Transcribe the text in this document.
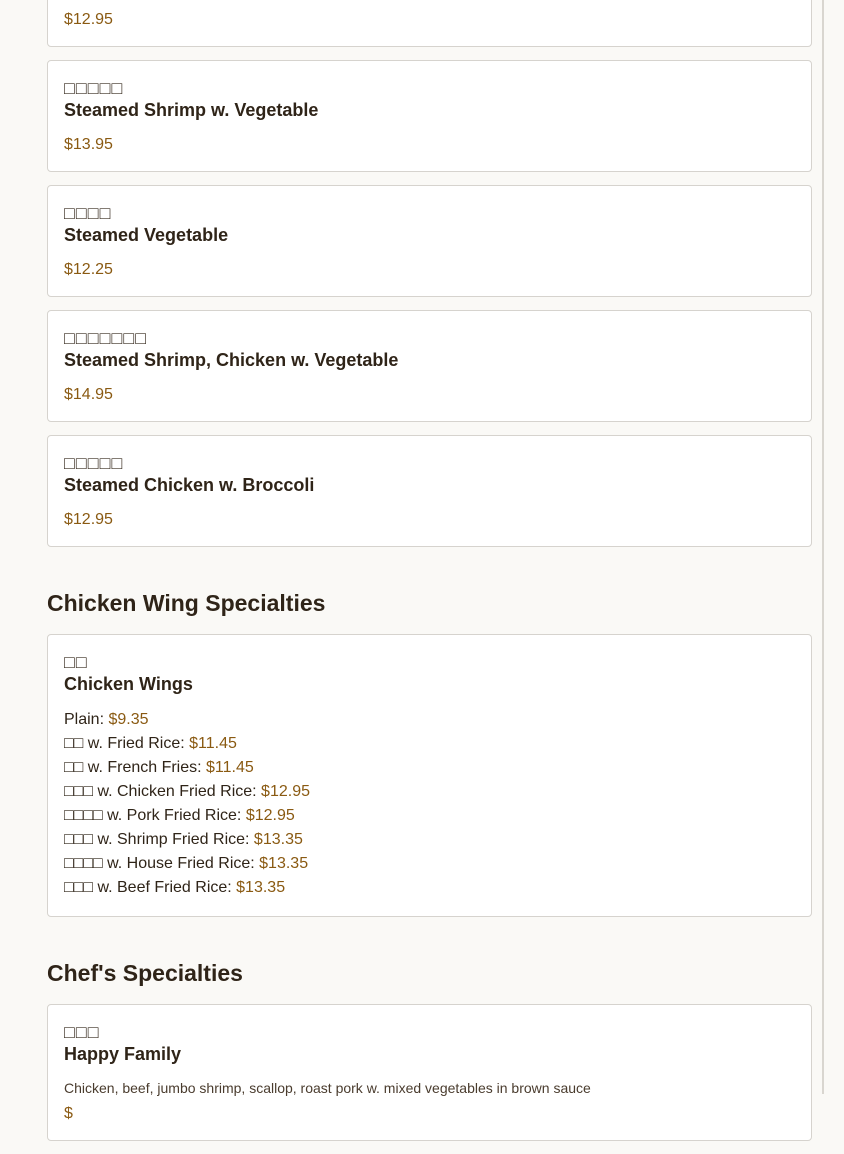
$12.95
□□□□□
Steamed Shrimp w. Vegetable
$13.95
□□□□
Steamed Vegetable
$12.25
□□□□□□□
Steamed Shrimp, Chicken w. Vegetable
$14.95
□□□□□
Steamed Chicken w. Broccoli
$12.95
Chicken Wing Specialties
□□
Chicken Wings
Plain: $9.35
□□ w. Fried Rice: $11.45
□□ w. French Fries: $11.45
□□□ w. Chicken Fried Rice: $12.95
□□□□ w. Pork Fried Rice: $12.95
□□□ w. Shrimp Fried Rice: $13.35
□□□□ w. House Fried Rice: $13.35
□□□ w. Beef Fried Rice: $13.35
Chef's Specialties
□□□
Happy Family
Chicken, beef, jumbo shrimp, scallop, roast pork w. mixed vegetables in brown sauce
$
